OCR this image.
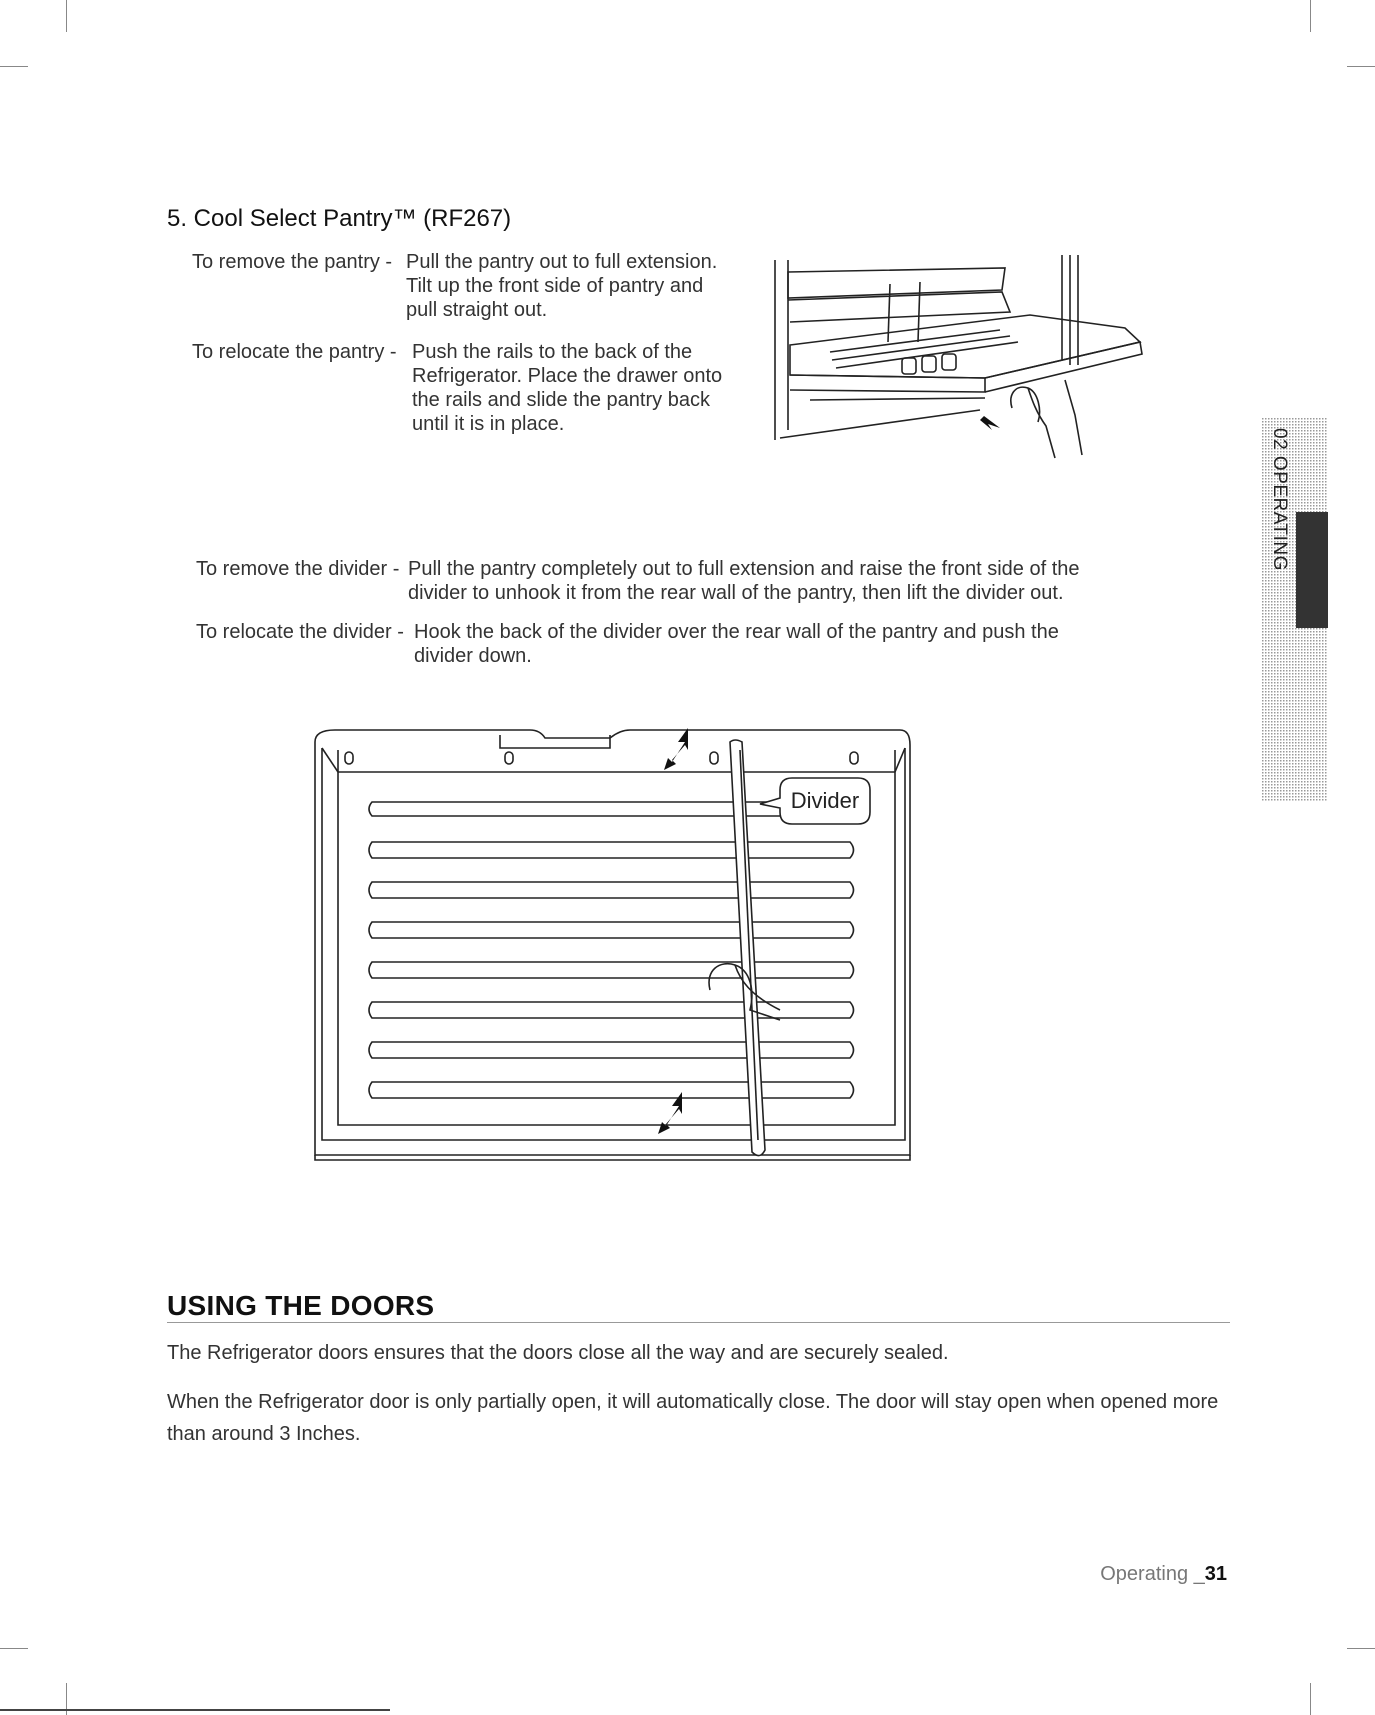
5. Cool Select Pantry™ (RF267)
To remove the pantry - Pull the pantry out to full extension.
Tilt up the front side of pantry and
pull straight out.
To relocate the pantry - Push the rails to the back of the
Refrigerator. Place the drawer onto
the rails and slide the pantry back
until it is in place.
To remove the divider - Pull the pantry completely out to full extension and raise the front side of the
divider to unhook it from the rear wall of the pantry, then lift the divider out.
To relocate the divider - Hook the back of the divider over the rear wall of the pantry and push the
divider down.
Divider
USING THE DOORS

The Refrigerator doors ensures that the doors close all the way and are securely sealed.

When the Refrigerator door is only partially open, it will automatically close. The door will stay open when opened more than around 3 Inches.

02 OPERATING
Operating _31
